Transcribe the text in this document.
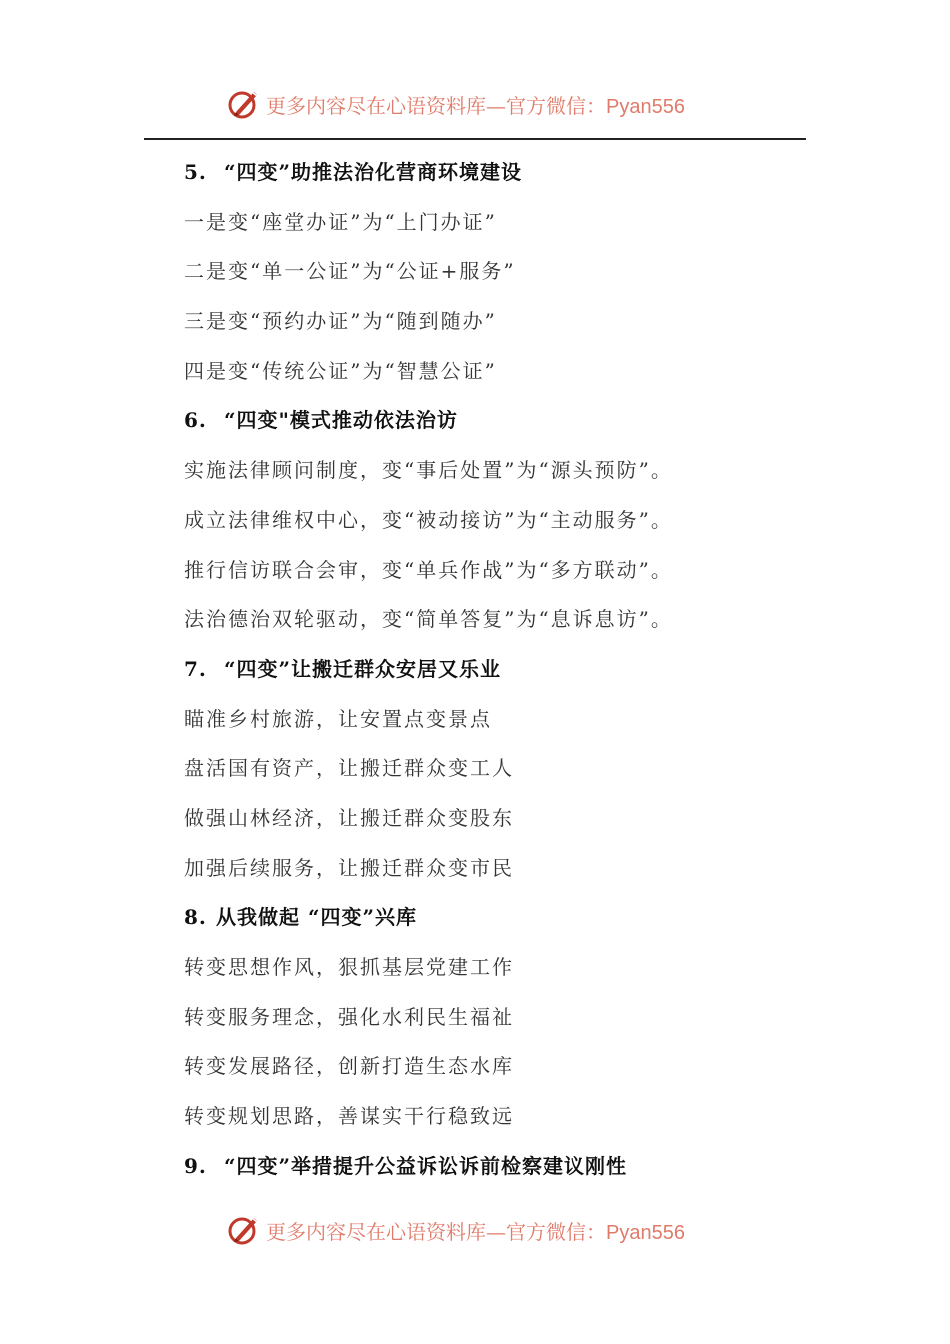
更多内容尽在心语资料库—官方微信：Pyan556
5. “四变”助推法治化营商环境建设
一是变“座堂办证”为“上门办证”
二是变“单一公证”为“公证+服务”
三是变“预约办证”为“随到随办”
四是变“传统公证”为“智慧公证”
6. “四变"模式推动依法治访
实施法律顾问制度，变“事后处置”为“源头预防”。
成立法律维权中心，变“被动接访”为“主动服务”。
推行信访联合会审，变“单兵作战”为“多方联动”。
法治德治双轮驱动，变“简单答复”为“息诉息访”。
7. “四变”让搬迁群众安居又乐业
瞄准乡村旅游，让安置点变景点
盘活国有资产，让搬迁群众变工人
做强山林经济，让搬迁群众变股东
加强后续服务，让搬迁群众变市民
8. 从我做起 “四变”兴库
转变思想作风，狠抓基层党建工作
转变服务理念，强化水利民生福祉
转变发展路径，创新打造生态水库
转变规划思路，善谋实干行稳致远
9. “四变”举措提升公益诉讼诉前检察建议刚性
更多内容尽在心语资料库—官方微信：Pyan556
